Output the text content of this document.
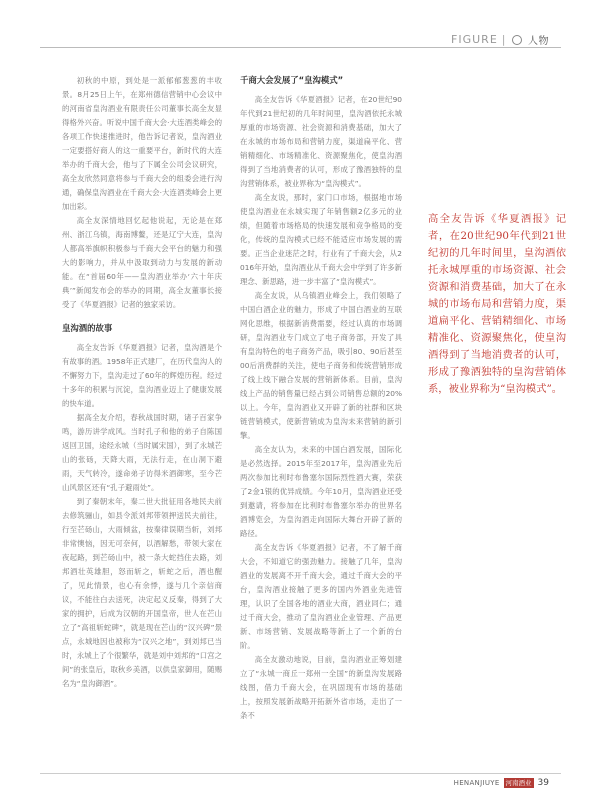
FIGURE | 人物

初秋的中原，到处是一派郁郁葱葱的丰收景。8月25日上午，在郑州德信营销中心会议中的河南省皇沟酒业有限责任公司董事长高全友显得格外兴奋。听说中国千商大会·大连酒类峰会的各项工作快速推进时，他告诉记者说，皇沟酒业一定要搭好商人的这一重要平台，新时代的大连举办的千商大会，他与了下属全公司会议研究，高全友欣然同意将参与千商大会的组委会进行沟通，确保皇沟酒业在千商大会·大连酒类峰会上更加出彩。

高全友深情地回忆起他说起，无论是在郑州、浙江乌镇，海南博鳌，还是辽宁大连，皇沟人都高举旗帜积极参与千商大会平台的魅力和强大的影响力，并从中汲取到动力与发展的新动能。在“首届60年——皇沟酒业举办‘六十年庆典’”新闻发布会的举办的同期，高全友董事长接受了《华夏酒报》记者的独家采访。

皇沟酒的故事

高全友告诉《华夏酒报》记者，皇沟酒是个有故事的酒。1958年正式建厂，在历代皇沟人的不懈努力下，皇沟走过了60年的辉煌历程。经过十多年的积累与沉淀，皇沟酒业迈上了健康发展的快车道。

据高全友介绍，春秋战国时期，诸子百家争鸣，游历讲学成风。当时孔子和他的弟子自陈国返回卫国，途经永城（当时属宋国），到了永城芒山的张砀，天降大雨，无法行走，在山洞下避雨，天气转冷，遂命弟子访得米酒御寒，至今芒山风景区还有“孔子避雨处”。

到了秦朝末年，秦二世大批征用各地民夫前去修筑骊山，如县令派刘邦带领押送民夫前往，行至芒砀山，大雨倾盆，按秦律误期当斩，刘邦非常懊恼，因无可奈何，以酒解愁，带领大家在夜起路，到芒砀山中，被一条大蛇挡住去路，刘邦酒壮英雄胆，怒而斩之，斩蛇之后，酒也醒了，见此情景，也心有余悸，遂与几个亲信商议，不能往白去送死，决定起义反秦，得到了大家的拥护，后成为汉朝的开国皇帝，世人在芒山立了“高祖斩蛇碑”，就是现在芒山的“汉兴碑”景点，永城地因也被称为“汉兴之地”，到刘邦已当时，永城上了个很繁华，就是刘中刘邦的“口宫之间”的张皇后，取秋乡美酒，以供皇家御用，随赐名为“皇沟御酒”。

千商大会发展了“皇沟模式”

高全友告诉《华夏酒报》记者，在20世纪90年代到21世纪初的几年时间里，皇沟酒依托永城厚重的市场资源、社会资源和消费基础，加大了在永城的市场布局和营销力度，渠道扁平化、营销精细化、市场精准化、资源聚焦化，使皇沟酒得到了当地消费者的认可，形成了豫酒独特的皇沟营销体系，被业界称为“皇沟模式”。

高全友说，那时，家门口市场，根据地市场使皇沟酒业在永城实现了年销售额2亿多元的业绩，但随着市场格局的快速发展和竞争格局的变化，传统的皇沟模式已经不能适应市场发展的需要。正当企业迷茫之时，行业有了千商大会，从2016年开始，皇沟酒业从千商大会中学到了许多新理念、新思路，进一步丰富了“皇沟模式”。

高全友说，从乌镇酒业峰会上，我们领略了中国白酒企业的魅力，形成了中国白酒业的互联网化思维，根据新消费需要，经过认真的市场调研，皇沟酒业专门成立了电子商务部，开发了具有皇沟特色的电子商务产品，吸引80、90后甚至00后消费群的关注，使电子商务和传统营销形成了线上线下融合发展的营销新体系。目前，皇沟线上产品的销售量已经占到公司销售总额的20%以上。今年，皇沟酒业又开辟了新的社群和区块链营销模式，使新营销成为皇沟未来营销的新引擎。

高全友认为，未来的中国白酒发展，国际化是必然选择。2015年至2017年，皇沟酒业先后两次参加比利时布鲁塞尔国际烈性酒大赛，荣获了2金1银的优异成绩。今年10月，皇沟酒业还受到邀请，将参加在比利时布鲁塞尔举办的世界名酒博览会，为皇沟酒走向国际大舞台开辟了新的路径。

高全友告诉《华夏酒报》记者，不了解千商大会，不知道它的强劲魅力。接触了几年，皇沟酒业的发展离不开千商大会，通过千商大会的平台，皇沟酒业接触了更多的国内外酒业先进管理，认识了全国各地的酒业大商，酒业同仁；通过千商大会，推动了皇沟酒业企业管理、产品更新、市场营销、发展战略等新上了一个新的台阶。

高全友激动地说，目前，皇沟酒业正筹划建立了“永城一商丘一郑州一全国”的新皇沟发展路线图，借力千商大会，在巩固现有市场的基础上，按照发展新战略开拓新外省市场，走出了一条不

高全友告诉《华夏酒报》记者，在20世纪90年代到21世纪初的几年时间里，皇沟酒依托永城厚重的市场资源、社会资源和消费基础，加大了在永城的市场布局和营销力度，渠道扁平化、营销精细化、市场精准化、资源聚焦化，使皇沟酒得到了当地消费者的认可，形成了豫酒独特的皇沟营销体系，被业界称为“皇沟模式”。
HENANJIUYE 河南酒业 39
